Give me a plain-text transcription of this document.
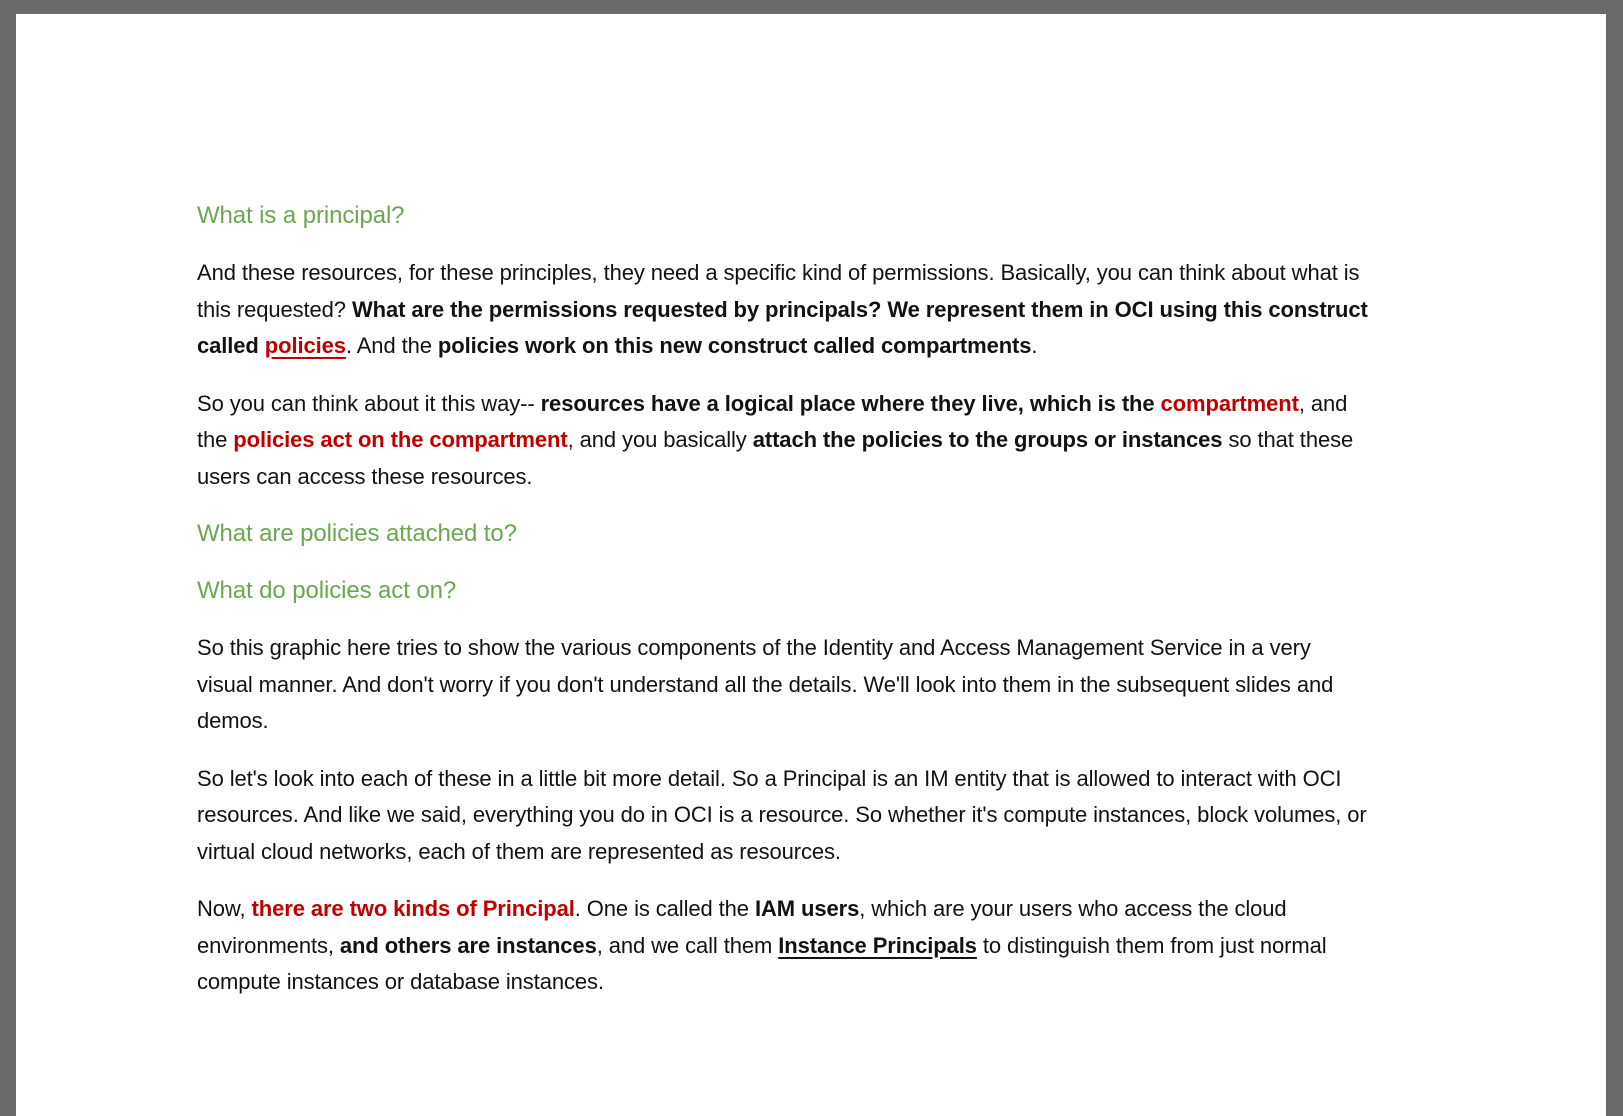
What is a principal?

And these resources, for these principles, they need a specific kind of permissions. Basically, you can think about what is this requested? What are the permissions requested by principals? We represent them in OCI using this construct called policies. And the policies work on this new construct called compartments.

So you can think about it this way-- resources have a logical place where they live, which is the compartment, and the policies act on the compartment, and you basically attach the policies to the groups or instances so that these users can access these resources.

What are policies attached to?

What do policies act on?

So this graphic here tries to show the various components of the Identity and Access Management Service in a very visual manner. And don't worry if you don't understand all the details. We'll look into them in the subsequent slides and demos.

So let's look into each of these in a little bit more detail. So a Principal is an IM entity that is allowed to interact with OCI resources. And like we said, everything you do in OCI is a resource. So whether it's compute instances, block volumes, or virtual cloud networks, each of them are represented as resources.

Now, there are two kinds of Principal. One is called the IAM users, which are your users who access the cloud environments, and others are instances, and we call them Instance Principals to distinguish them from just normal compute instances or database instances.
